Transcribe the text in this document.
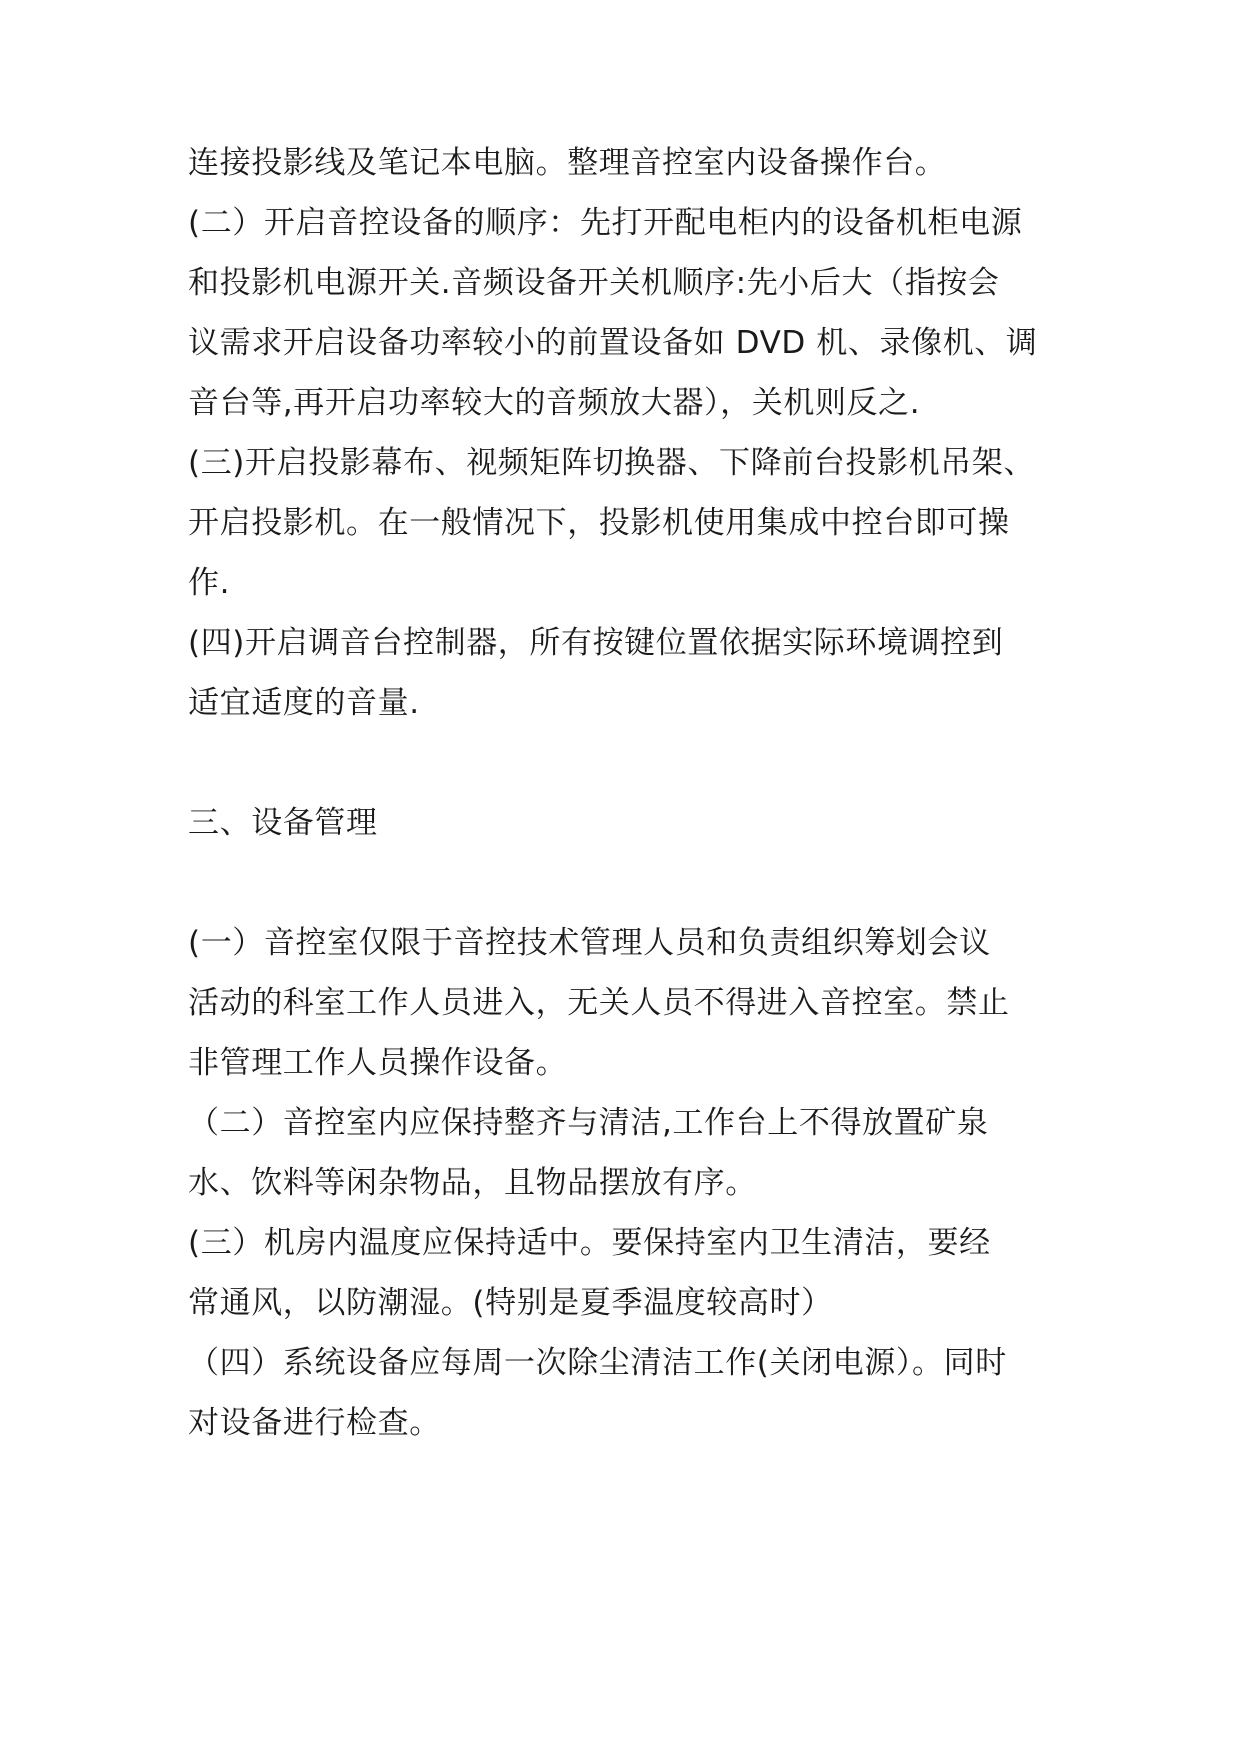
连接投影线及笔记本电脑。整理音控室内设备操作台。
(二）开启音控设备的顺序：先打开配电柜内的设备机柜电源
和投影机电源开关.音频设备开关机顺序:先小后大（指按会
议需求开启设备功率较小的前置设备如 DVD 机、录像机、调
音台等,再开启功率较大的音频放大器），关机则反之.
(三)开启投影幕布、视频矩阵切换器、下降前台投影机吊架、
开启投影机。在一般情况下，投影机使用集成中控台即可操
作.
(四)开启调音台控制器，所有按键位置依据实际环境调控到
适宜适度的音量.
三、设备管理
(一）音控室仅限于音控技术管理人员和负责组织筹划会议
活动的科室工作人员进入，无关人员不得进入音控室。禁止
非管理工作人员操作设备。
（二）音控室内应保持整齐与清洁,工作台上不得放置矿泉
水、饮料等闲杂物品，且物品摆放有序。
(三）机房内温度应保持适中。要保持室内卫生清洁，要经
常通风，以防潮湿。(特别是夏季温度较高时）
（四）系统设备应每周一次除尘清洁工作(关闭电源）。同时
对设备进行检查。
